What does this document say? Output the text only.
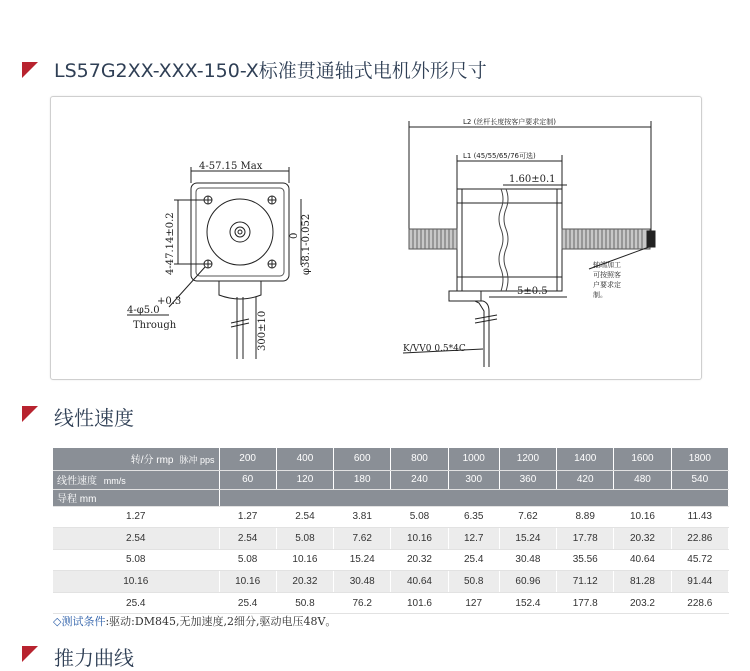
LS57G2XX-XXX-150-X标准贯通轴式电机外形尺寸
4-57.15 Max
4-47.14±0.2	φ38.1-0.052
0
+0.3
4-φ5.0
Through	300±10
L2 (丝杆长度按客户要求定制)
L1 (45/55/65/76可选)
1.60±0.1
5±0.5
K/VV0 0.5*4C
轴端加工
可按照客
户要求定
制。
线性速度
转/分 rmp 脉冲 pps	200	400	600	800	1000	1200	1400	1600	1800
线性速度 mm/s	60	120	180	240	300	360	420	480	540
导程 mm									
1.27	1.27	2.54	3.81	5.08	6.35	7.62	8.89	10.16	11.43
2.54	2.54	5.08	7.62	10.16	12.7	15.24	17.78	20.32	22.86
5.08	5.08	10.16	15.24	20.32	25.4	30.48	35.56	40.64	45.72
10.16	10.16	20.32	30.48	40.64	50.8	60.96	71.12	81.28	91.44
25.4	25.4	50.8	76.2	101.6	127	152.4	177.8	203.2	228.6
◇测试条件:驱动:DM845,无加速度,2细分,驱动电压48V。
推力曲线
